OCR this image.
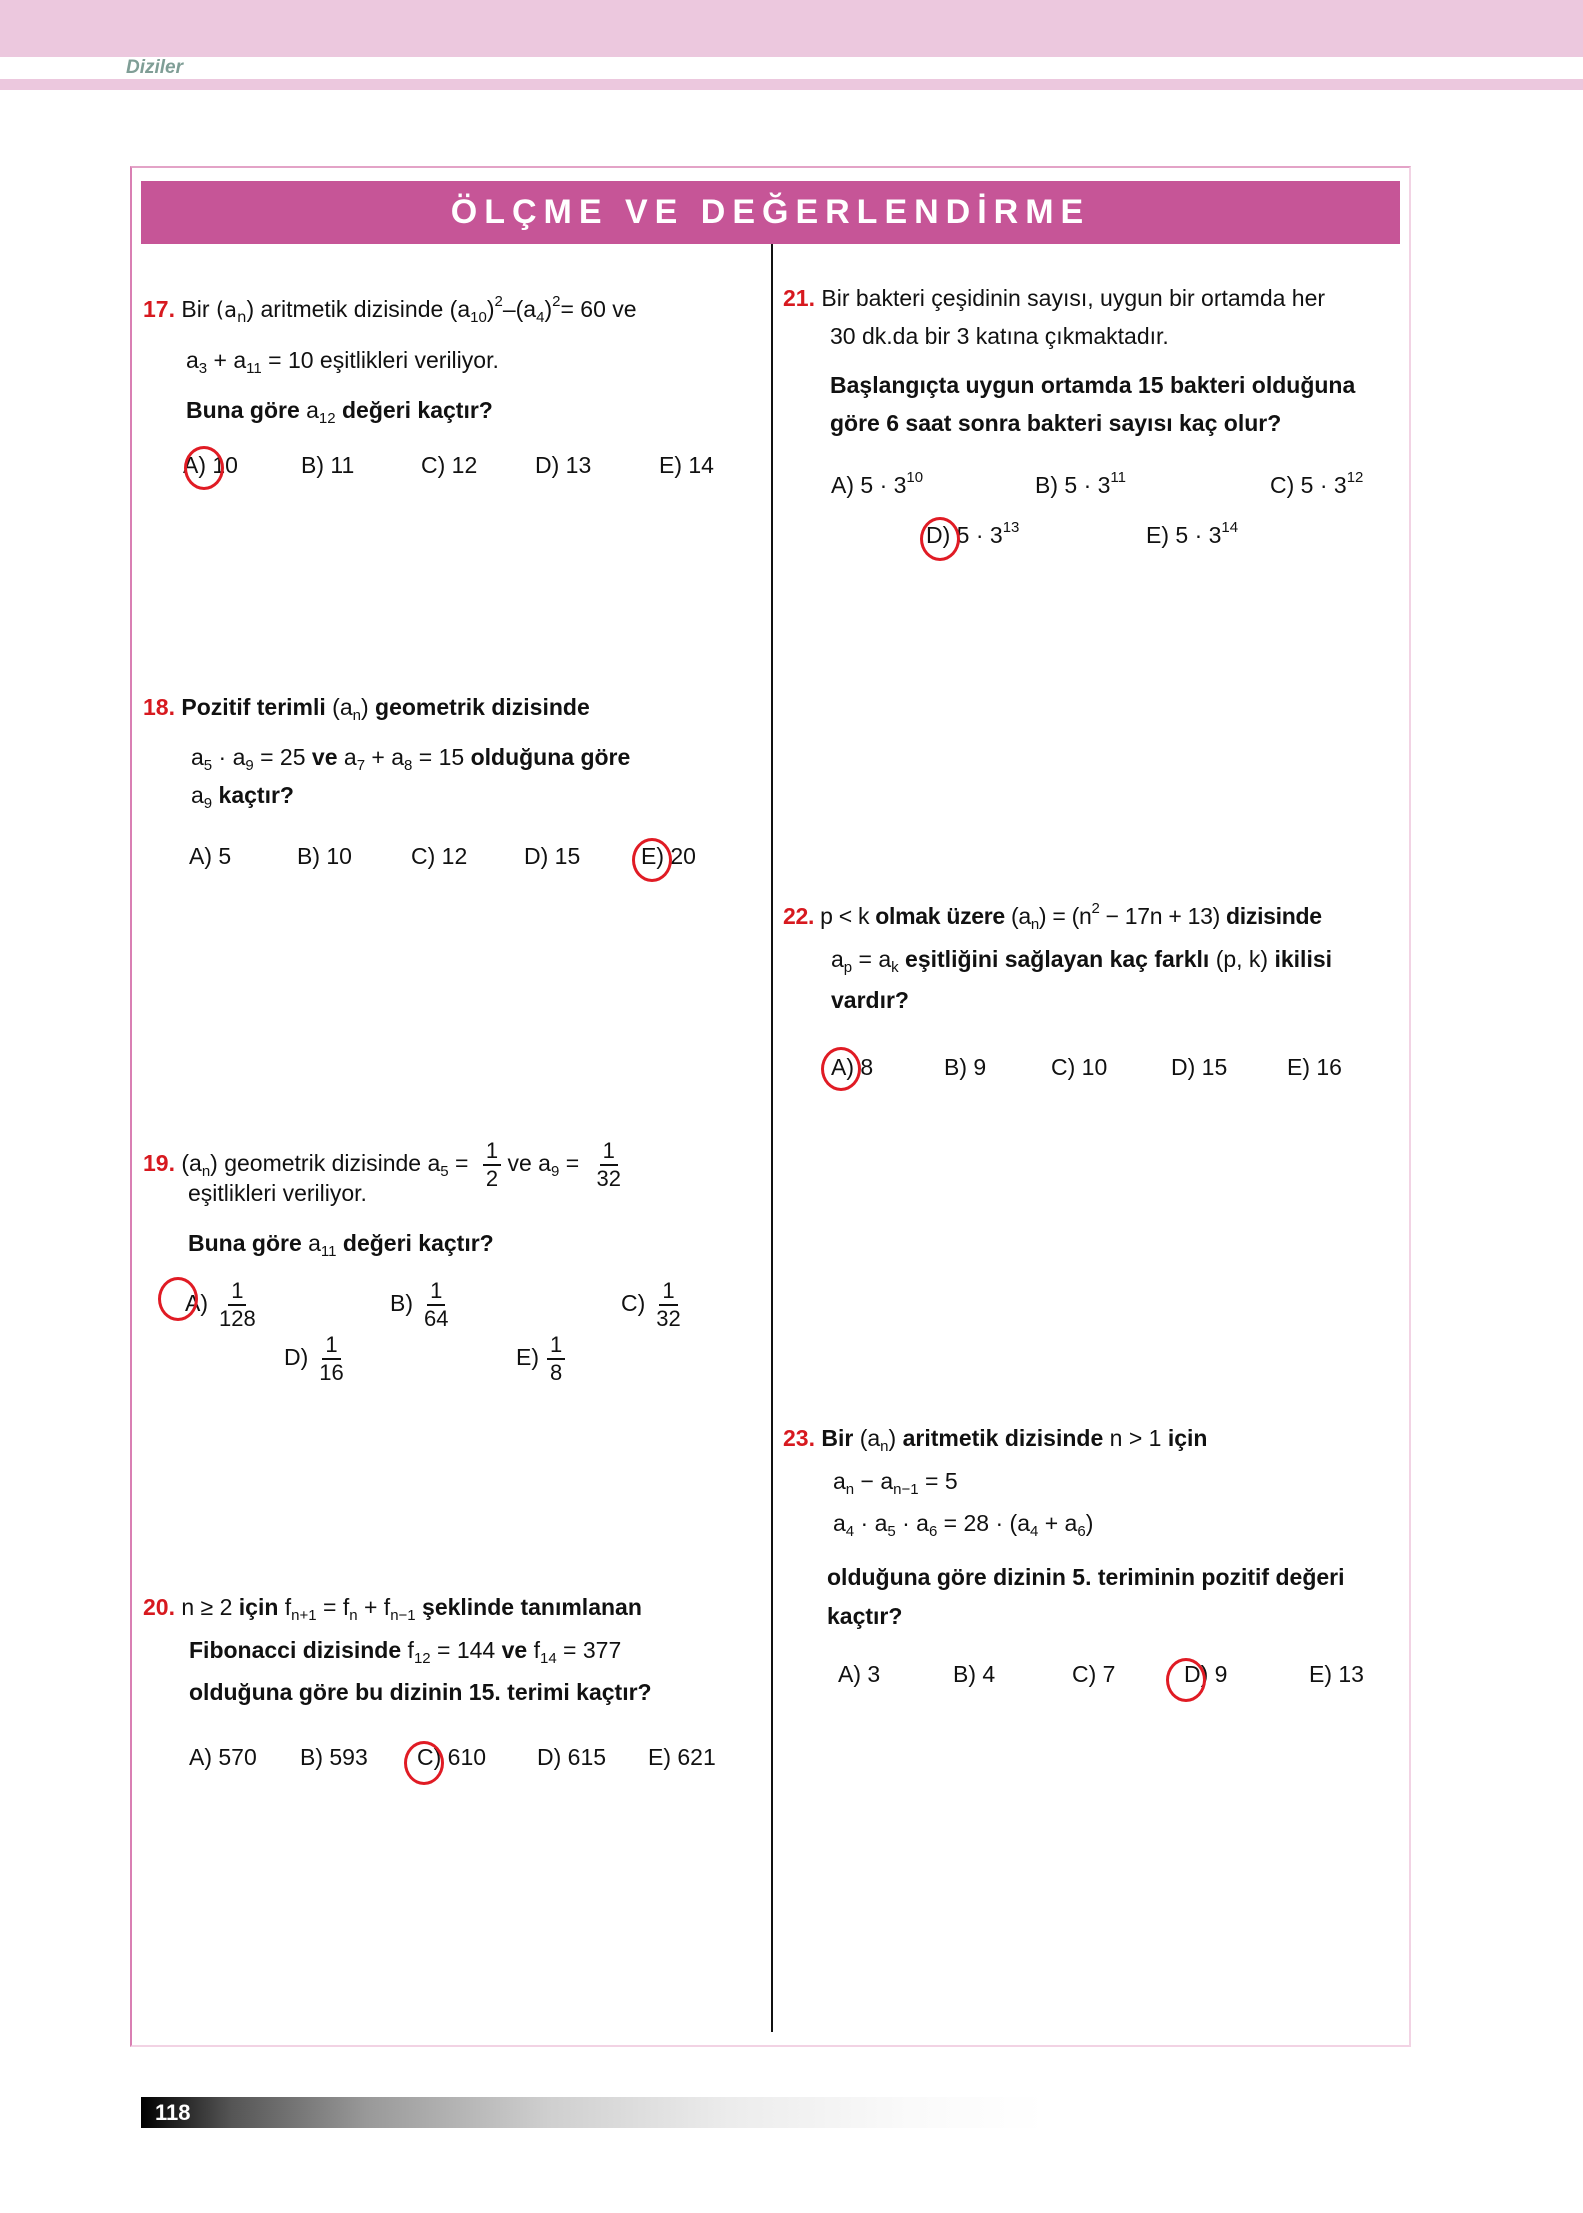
Diziler
ÖLÇME VE DEĞERLENDİRME
17. Bir $(a_n)$ aritmetik dizisinde $(a_{10})^2-(a_4)^2= 60$ ve
$a_3 + a_{11} = 10$ eşitlikleri veriliyor.
Buna göre $a_{12}$ değeri kaçtır?
A) 10	B) 11	C) 12	D) 13	E) 14
18. Pozitif terimli $(a_n)$ geometrik dizisinde
$a_5 \cdot a_9 = 25$ ve $a_7 + a_8 = 15$ olduğuna göre
$a_9$ kaçtır?
A) 5	B) 10	C) 12 D) 15	E) 20
19. $(a_n)$ geometrik dizisinde $a_5 = \frac{1}{2}$ ve $a_9 = \frac{1}{32}$
eşitlikleri veriliyor.
Buna göre $a_{11}$ değeri kaçtır?
$A) \frac{1}{128}$	$B) \frac{1}{64}$	$C) \frac{1}{32}$
$D) \frac{1}{16}$	$E) \frac{1}{8}$
20. n ≥ 2 için $f_{n+1} = f_n + f_{n-1}$ şeklinde tanımlanan
Fibonacci dizisinde $f_{12} = 144$ ve $f_{14} = 377$
olduğuna göre bu dizinin 15. terimi kaçtır?
A) 570 B) 593 C) 610 D) 615 E) 621
21. Bir bakteri çeşidinin sayısı, uygun bir ortamda her
30 dk.da bir 3 katına çıkmaktadır.
Başlangıçta uygun ortamda 15 bakteri olduğuna
göre 6 saat sonra bakteri sayısı kaç olur?
A) $5 \cdot 3^{10}$	B) $5 \cdot 3^{11}$	C) $5 \cdot 3^{12}$
D) $5 \cdot 3^{13}$	E) $5 \cdot 3^{14}$
22. p < k olmak üzere $(a_n) = (n^2 - 17n + 13)$ dizisinde
$a_p = a_k$ eşitliğini sağlayan kaç farklı (p, k) ikilisi
vardır?
A) 8	B) 9	C) 10	D) 15	E) 16
23. Bir $(a_n)$ aritmetik dizisinde n > 1 için
$a_n - a_{n-1} = 5$
$a_4 \cdot a_5 \cdot a_6 = 28 \cdot (a_4 + a_6)$
olduğuna göre dizinin 5. teriminin pozitif değeri
kaçtır?
A) 3	B) 4	C) 7	D) 9	E) 13
118
